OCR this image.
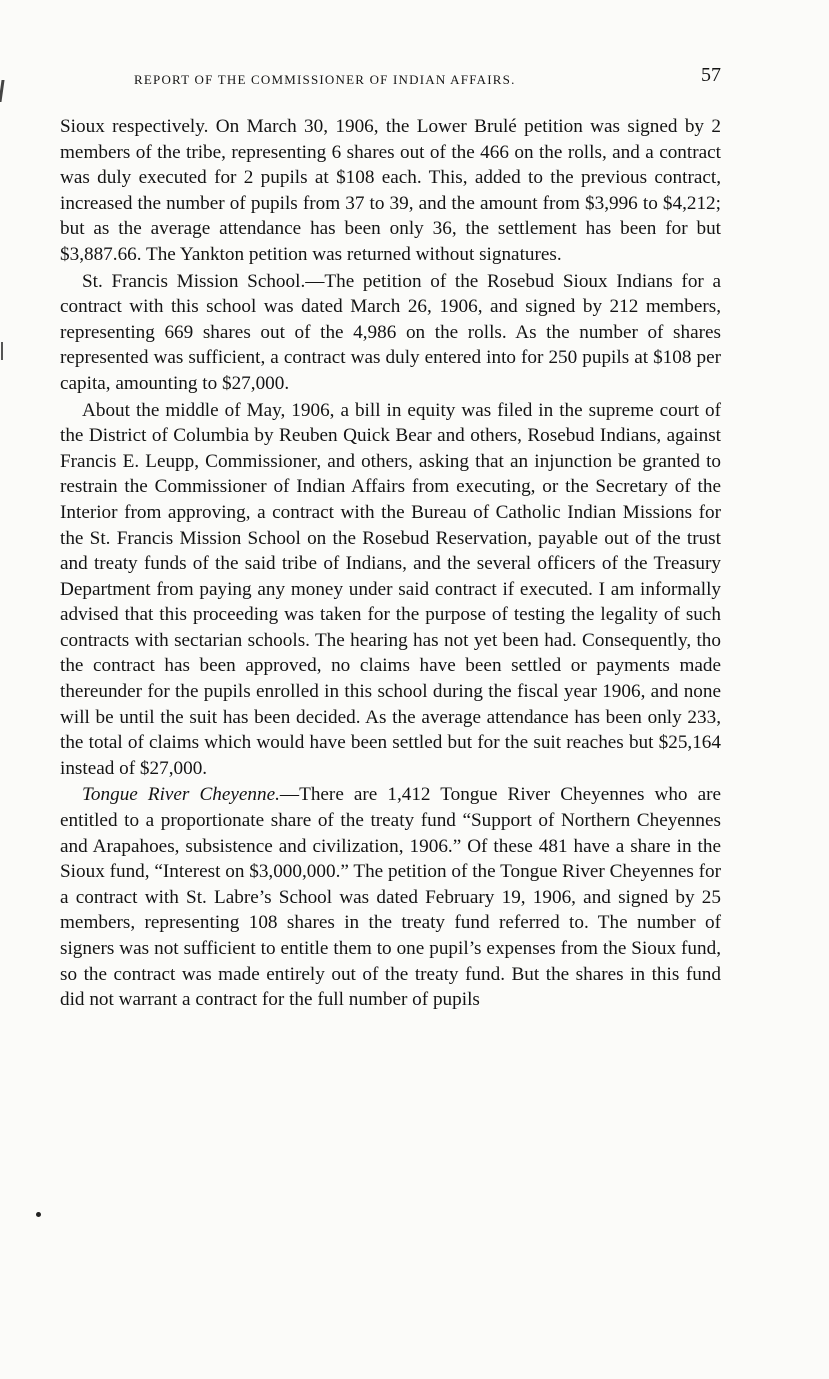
REPORT OF THE COMMISSIONER OF INDIAN AFFAIRS.	57

Sioux respectively. On March 30, 1906, the Lower Brulé petition was signed by 2 members of the tribe, representing 6 shares out of the 466 on the rolls, and a contract was duly executed for 2 pupils at $108 each. This, added to the previous contract, increased the number of pupils from 37 to 39, and the amount from $3,996 to $4,212; but as the average attendance has been only 36, the settlement has been for but $3,887.66. The Yankton petition was returned without signatures.

St. Francis Mission School.—The petition of the Rosebud Sioux Indians for a contract with this school was dated March 26, 1906, and signed by 212 members, representing 669 shares out of the 4,986 on the rolls. As the number of shares represented was sufficient, a contract was duly entered into for 250 pupils at $108 per capita, amounting to $27,000.

About the middle of May, 1906, a bill in equity was filed in the supreme court of the District of Columbia by Reuben Quick Bear and others, Rosebud Indians, against Francis E. Leupp, Commissioner, and others, asking that an injunction be granted to restrain the Commissioner of Indian Affairs from executing, or the Secretary of the Interior from approving, a contract with the Bureau of Catholic Indian Missions for the St. Francis Mission School on the Rosebud Reservation, payable out of the trust and treaty funds of the said tribe of Indians, and the several officers of the Treasury Department from paying any money under said contract if executed. I am informally advised that this proceeding was taken for the purpose of testing the legality of such contracts with sectarian schools. The hearing has not yet been had. Consequently, tho the contract has been approved, no claims have been settled or payments made thereunder for the pupils enrolled in this school during the fiscal year 1906, and none will be until the suit has been decided. As the average attendance has been only 233, the total of claims which would have been settled but for the suit reaches but $25,164 instead of $27,000.

Tongue River Cheyenne.—There are 1,412 Tongue River Cheyennes who are entitled to a proportionate share of the treaty fund “Support of Northern Cheyennes and Arapahoes, subsistence and civilization, 1906.” Of these 481 have a share in the Sioux fund, “Interest on $3,000,000.” The petition of the Tongue River Cheyennes for a contract with St. Labre’s School was dated February 19, 1906, and signed by 25 members, representing 108 shares in the treaty fund referred to. The number of signers was not sufficient to entitle them to one pupil’s expenses from the Sioux fund, so the contract was made entirely out of the treaty fund. But the shares in this fund did not warrant a contract for the full number of pupils
